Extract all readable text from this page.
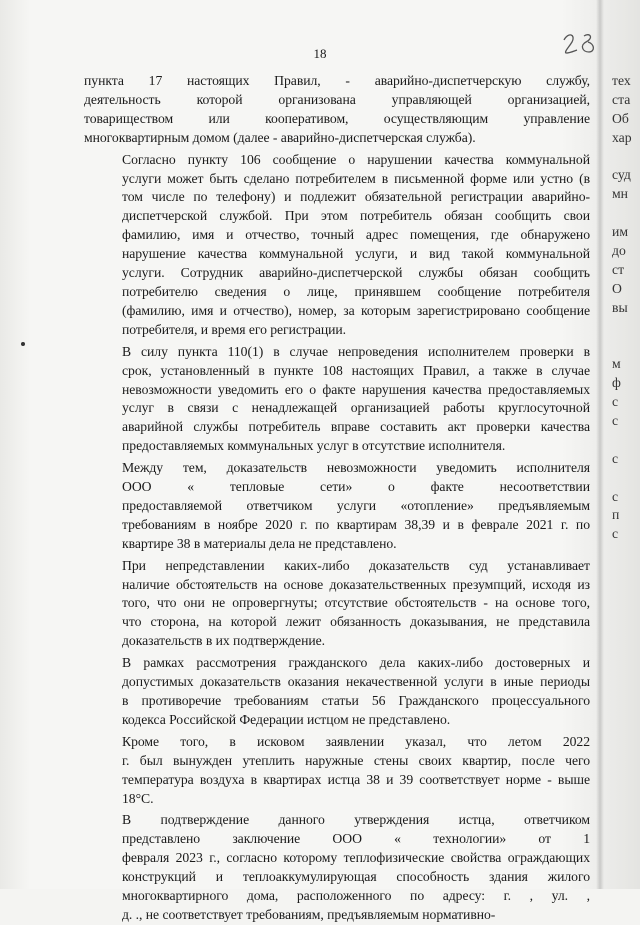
18

пункта 17 настоящих Правил, - аварийно-диспетчерскую службу,
деятельность которой организована управляющей организацией,
товариществом или кооперативом, осуществляющим управление
многоквартирным домом (далее - аварийно-диспетчерская служба).

Согласно пункту 106 сообщение о нарушении качества коммунальной
услуги может быть сделано потребителем в письменной форме или устно (в
том числе по телефону) и подлежит обязательной регистрации аварийно-
диспетчерской службой. При этом потребитель обязан сообщить свои
фамилию, имя и отчество, точный адрес помещения, где обнаружено
нарушение качества коммунальной услуги, и вид такой коммунальной
услуги. Сотрудник аварийно-диспетчерской службы обязан сообщить
потребителю сведения о лице, принявшем сообщение потребителя
(фамилию, имя и отчество), номер, за которым зарегистрировано сообщение
потребителя, и время его регистрации.

В силу пункта 110(1) в случае непроведения исполнителем проверки в
срок, установленный в пункте 108 настоящих Правил, а также в случае
невозможности уведомить его о факте нарушения качества предоставляемых
услуг в связи с ненадлежащей организацией работы круглосуточной
аварийной службы потребитель вправе составить акт проверки качества
предоставляемых коммунальных услуг в отсутствие исполнителя.

Между тем, доказательств невозможности уведомить исполнителя
ООО « тепловые сети» о факте несоответствии
предоставляемой ответчиком услуги «отопление» предъявляемым
требованиям в ноябре 2020 г. по квартирам 38,39 и в феврале 2021 г. по
квартире 38 в материалы дела не представлено.

При непредставлении каких-либо доказательств суд устанавливает
наличие обстоятельств на основе доказательственных презумпций, исходя из
того, что они не опровергнуты; отсутствие обстоятельств - на основе того,
что сторона, на которой лежит обязанность доказывания, не представила
доказательств в их подтверждение.

В рамках рассмотрения гражданского дела каких-либо достоверных и
допустимых доказательств оказания некачественной услуги в иные периоды
в противоречие требованиям статьи 56 Гражданского процессуального
кодекса Российской Федерации истцом не представлено.

Кроме того, в исковом заявлении указал, что летом 2022
г. был вынужден утеплить наружные стены своих квартир, после чего
температура воздуха в квартирах истца 38 и 39 соответствует норме - выше
18°С.

В подтверждение данного утверждения истца, ответчиком
представлено заключение ООО « технологии» от 1
февраля 2023 г., согласно которому теплофизические свойства ограждающих
конструкций и теплоаккумулирующая способность здания жилого
многоквартирного дома, расположенного по адресу: г. , ул. ,
д. ., не соответствует требованиям, предъявляемым нормативно-

тех
ста
Об
хар
суд
мн
им
до
ст
О
вы
м
ф
с
с
с
с
п
с
